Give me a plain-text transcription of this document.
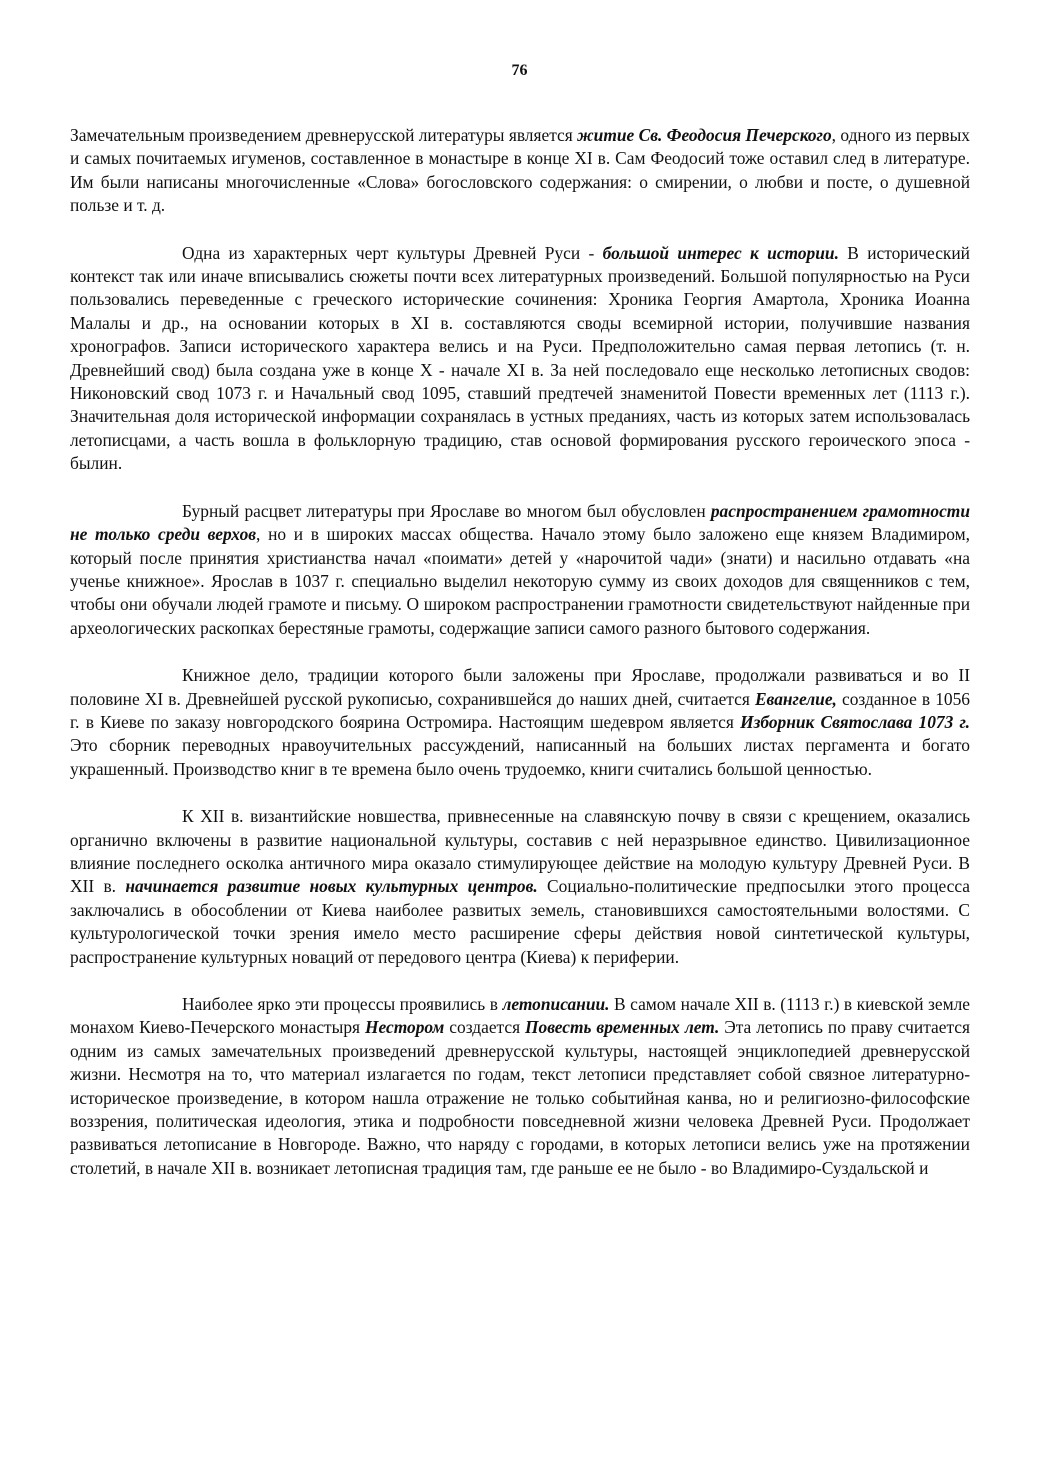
76

Замечательным произведением древнерусской литературы является житие Св. Феодосия Печерского, одного из первых и самых почитаемых игуменов, составленное в монастыре в конце XI в. Сам Феодосий тоже оставил след в литературе. Им были написаны многочисленные «Слова» богословского содержания: о смирении, о любви и посте, о душевной пользе и т. д.

Одна из характерных черт культуры Древней Руси - большой интерес к истории. В исторический контекст так или иначе вписывались сюжеты почти всех литературных произведений. Большой популярностью на Руси пользовались переведенные с греческого исторические сочинения: Хроника Георгия Амартола, Хроника Иоанна Малалы и др., на основании которых в XI в. составляются своды всемирной истории, получившие названия хронографов. Записи исторического характера велись и на Руси. Предположительно самая первая летопись (т. н. Древнейший свод) была создана уже в конце X - начале XI в. За ней последовало еще несколько летописных сводов: Никоновский свод 1073 г. и Начальный свод 1095, ставший предтечей знаменитой Повести временных лет (1113 г.). Значительная доля исторической информации сохранялась в устных преданиях, часть из которых затем использовалась летописцами, а часть вошла в фольклорную традицию, став основой формирования русского героического эпоса - былин.

Бурный расцвет литературы при Ярославе во многом был обусловлен распространением грамотности не только среди верхов, но и в широких массах общества. Начало этому было заложено еще князем Владимиром, который после принятия христианства начал «поимати» детей у «нарочитой чади» (знати) и насильно отдавать «на ученье книжное». Ярослав в 1037 г. специально выделил некоторую сумму из своих доходов для священников с тем, чтобы они обучали людей грамоте и письму. О широком распространении грамотности свидетельствуют найденные при археологических раскопках берестяные грамоты, содержащие записи самого разного бытового содержания.

Книжное дело, традиции которого были заложены при Ярославе, продолжали развиваться и во II половине XI в. Древнейшей русской рукописью, сохранившейся до наших дней, считается Евангелие, созданное в 1056 г. в Киеве по заказу новгородского боярина Остромира. Настоящим шедевром является Изборник Святослава 1073 г. Это сборник переводных нравоучительных рассуждений, написанный на больших листах пергамента и богато украшенный. Производство книг в те времена было очень трудоемко, книги считались большой ценностью.

К XII в. византийские новшества, привнесенные на славянскую почву в связи с крещением, оказались органично включены в развитие национальной культуры, составив с ней неразрывное единство. Цивилизационное влияние последнего осколка античного мира оказало стимулирующее действие на молодую культуру Древней Руси. В XII в. начинается развитие новых культурных центров. Социально-политические предпосылки этого процесса заключались в обособлении от Киева наиболее развитых земель, становившихся самостоятельными волостями. С культурологической точки зрения имело место расширение сферы действия новой синтетической культуры, распространение культурных новаций от передового центра (Киева) к периферии.

Наиболее ярко эти процессы проявились в летописании. В самом начале XII в. (1113 г.) в киевской земле монахом Киево-Печерского монастыря Нестором создается Повесть временных лет. Эта летопись по праву считается одним из самых замечательных произведений древнерусской культуры, настоящей энциклопедией древнерусской жизни. Несмотря на то, что материал излагается по годам, текст летописи представляет собой связное литературно-историческое произведение, в котором нашла отражение не только событийная канва, но и религиозно-философские воззрения, политическая идеология, этика и подробности повседневной жизни человека Древней Руси. Продолжает развиваться летописание в Новгороде. Важно, что наряду с городами, в которых летописи велись уже на протяжении столетий, в начале XII в. возникает летописная традиция там, где раньше ее не было - во Владимиро-Суздальской и
